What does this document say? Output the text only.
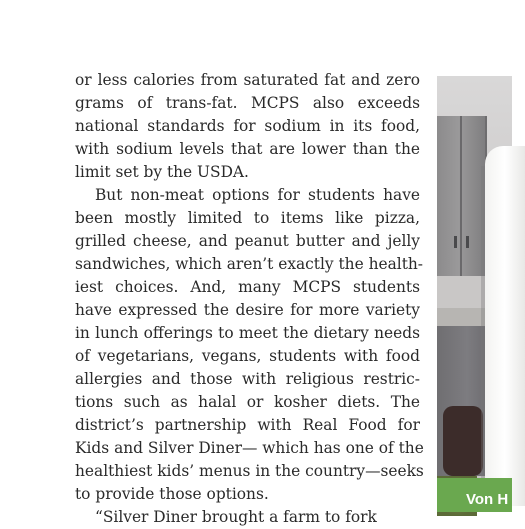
or less calories from saturated fat and zero
grams of trans-fat. MCPS also exceeds
national standards for sodium in its food,
with sodium levels that are lower than the
limit set by the USDA.
But non-meat options for students have
been mostly limited to items like pizza,
grilled cheese, and peanut butter and jelly
sandwiches, which aren’t exactly the health-
iest choices. And, many MCPS students
have expressed the desire for more variety
in lunch offerings to meet the dietary needs
of vegetarians, vegans, students with food
allergies and those with religious restric-
tions such as halal or kosher diets. The
district’s partnership with Real Food for
Kids and Silver Diner— which has one of the
healthiest kids’ menus in the country—seeks
to provide those options.
“Silver Diner brought a farm to fork
Von H
